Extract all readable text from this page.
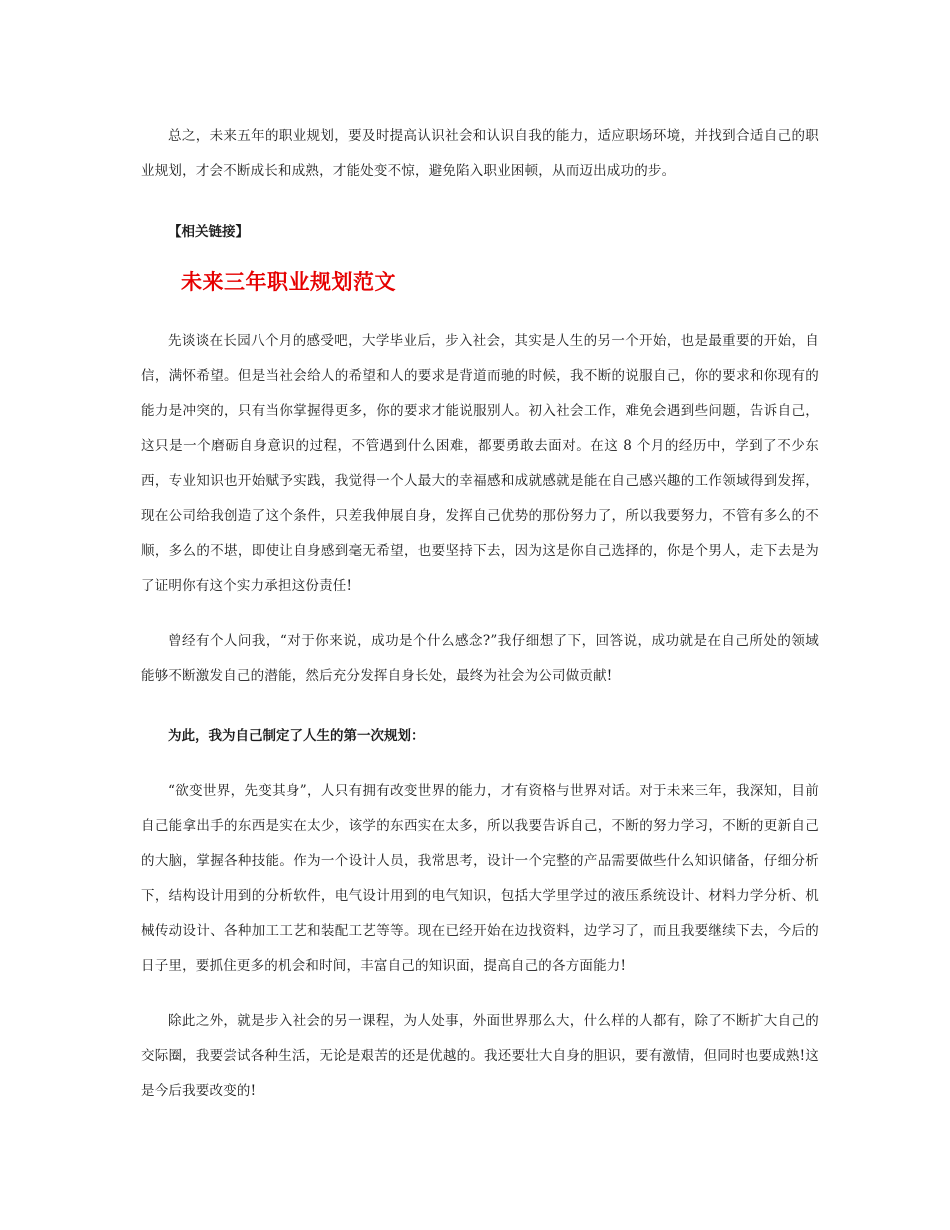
总之，未来五年的职业规划，要及时提高认识社会和认识自我的能力，适应职场环境，并找到合适自己的职业规划，才会不断成长和成熟，才能处变不惊，避免陷入职业困顿，从而迈出成功的步。

【相关链接】
未来三年职业规划范文

先谈谈在长园八个月的感受吧，大学毕业后，步入社会，其实是人生的另一个开始，也是最重要的开始，自信，满怀希望。但是当社会给人的希望和人的要求是背道而驰的时候，我不断的说服自己，你的要求和你现有的能力是冲突的，只有当你掌握得更多，你的要求才能说服别人。初入社会工作，难免会遇到些问题，告诉自己，这只是一个磨砺自身意识的过程，不管遇到什么困难，都要勇敢去面对。在这 8 个月的经历中，学到了不少东西，专业知识也开始赋予实践，我觉得一个人最大的幸福感和成就感就是能在自己感兴趣的工作领域得到发挥，现在公司给我创造了这个条件，只差我伸展自身，发挥自己优势的那份努力了，所以我要努力，不管有多么的不顺，多么的不堪，即使让自身感到毫无希望，也要坚持下去，因为这是你自己选择的，你是个男人，走下去是为了证明你有这个实力承担这份责任!

曾经有个人问我，“对于你来说，成功是个什么感念?”我仔细想了下，回答说，成功就是在自己所处的领域能够不断激发自己的潜能，然后充分发挥自身长处，最终为社会为公司做贡献!

为此，我为自己制定了人生的第一次规划：

“欲变世界，先变其身”，人只有拥有改变世界的能力，才有资格与世界对话。对于未来三年，我深知，目前自己能拿出手的东西是实在太少，该学的东西实在太多，所以我要告诉自己，不断的努力学习，不断的更新自己的大脑，掌握各种技能。作为一个设计人员，我常思考，设计一个完整的产品需要做些什么知识储备，仔细分析下，结构设计用到的分析软件，电气设计用到的电气知识，包括大学里学过的液压系统设计、材料力学分析、机械传动设计、各种加工工艺和装配工艺等等。现在已经开始在边找资料，边学习了，而且我要继续下去，今后的日子里，要抓住更多的机会和时间，丰富自己的知识面，提高自己的各方面能力!

除此之外，就是步入社会的另一课程，为人处事，外面世界那么大，什么样的人都有，除了不断扩大自己的交际圈，我要尝试各种生活，无论是艰苦的还是优越的。我还要壮大自身的胆识，要有激情，但同时也要成熟!这是今后我要改变的!
